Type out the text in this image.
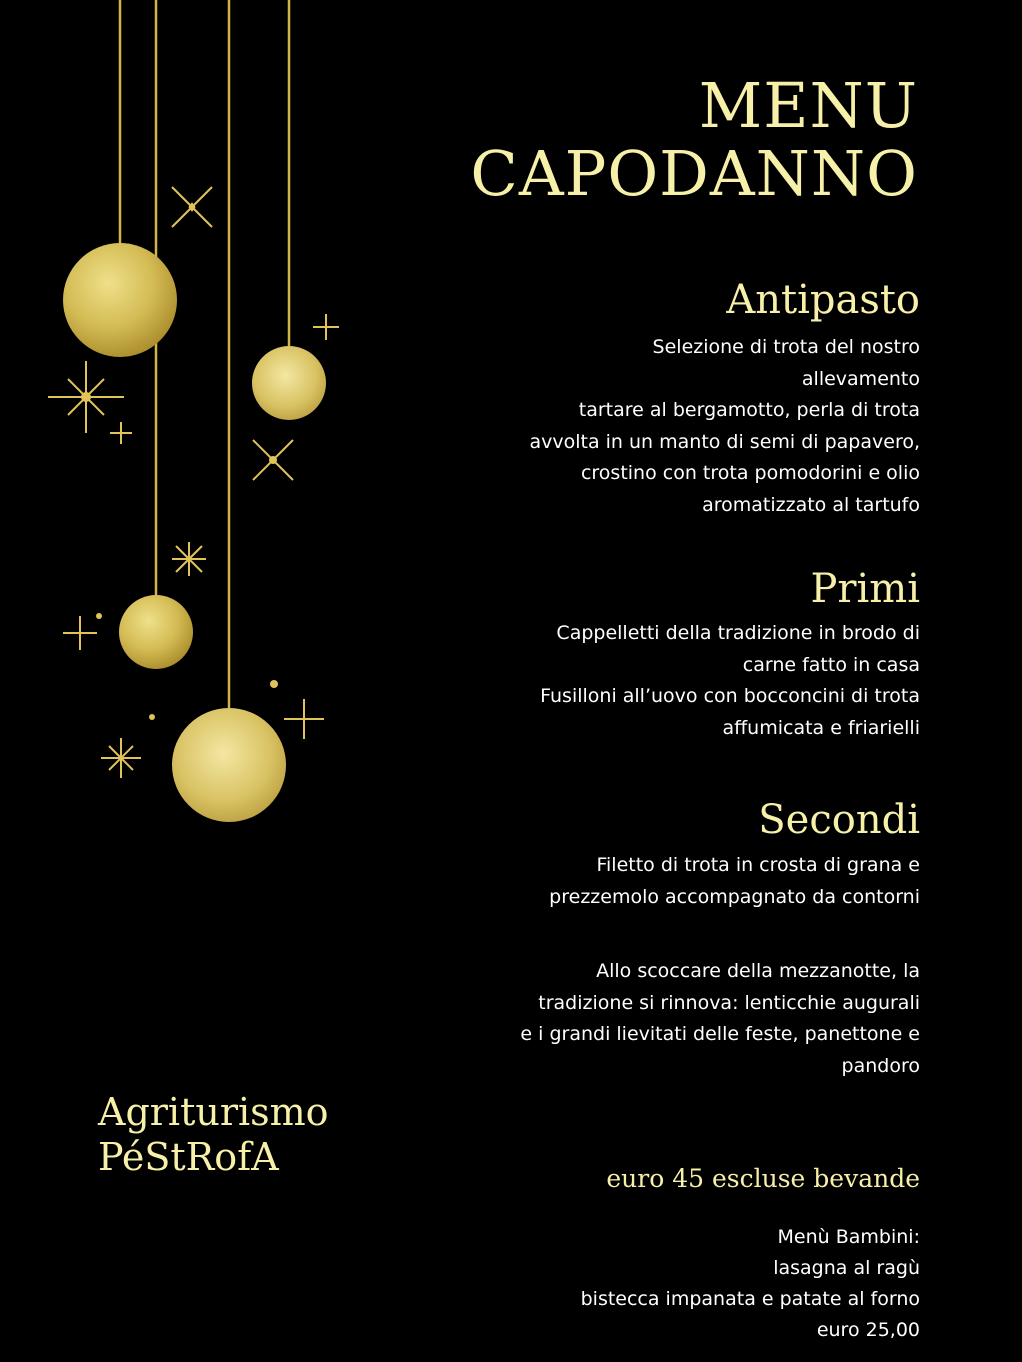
MENU
CAPODANNO
Antipasto
Selezione di trota del nostro
allevamento
tartare al bergamotto, perla di trota
avvolta in un manto di semi di papavero,
crostino con trota pomodorini e olio
aromatizzato al tartufo
Primi
Cappelletti della tradizione in brodo di
carne fatto in casa
Fusilloni all’uovo con bocconcini di trota
affumicata e friarielli
Secondi
Filetto di trota in crosta di grana e
prezzemolo accompagnato da contorni
Allo scoccare della mezzanotte, la
tradizione si rinnova: lenticchie augurali
e i grandi lievitati delle feste, panettone e
pandoro
Agriturismo
PéStRofA	euro 45 escluse bevande
Menù Bambini:
lasagna al ragù
bistecca impanata e patate al forno
euro 25,00
